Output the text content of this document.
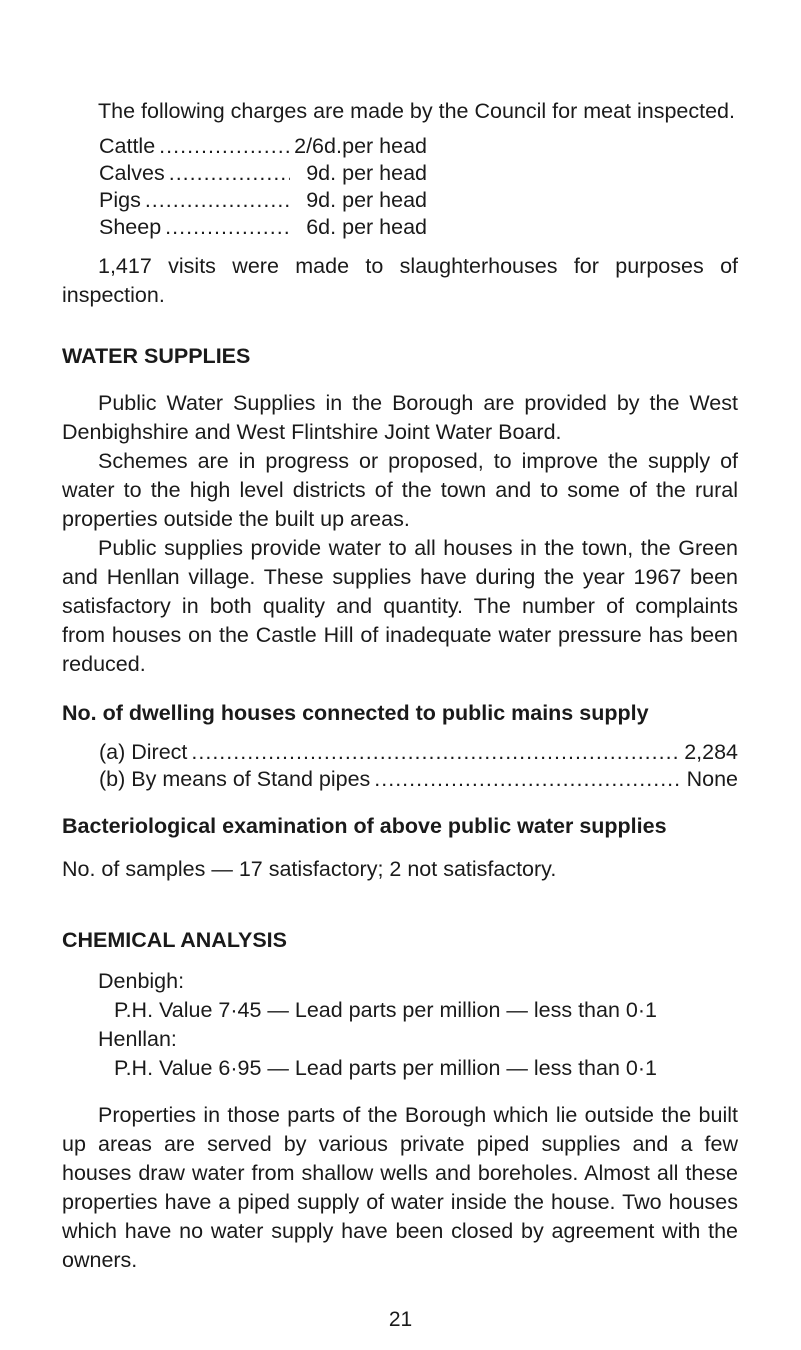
The following charges are made by the Council for meat inspected.

Cattle .....	2/6d. per head
Calves .....	9d. per head
Pigs .....	9d. per head
Sheep .....	6d. per head

1,417 visits were made to slaughterhouses for purposes of inspection.

WATER SUPPLIES

Public Water Supplies in the Borough are provided by the West Denbighshire and West Flintshire Joint Water Board.

Schemes are in progress or proposed, to improve the supply of water to the high level districts of the town and to some of the rural properties outside the built up areas.

Public supplies provide water to all houses in the town, the Green and Henllan village. These supplies have during the year 1967 been satisfactory in both quality and quantity. The number of complaints from houses on the Castle Hill of inadequate water pressure has been reduced.

No. of dwelling houses connected to public mains supply

(a) Direct .....	2,284
(b) By means of Stand pipes .....	None

Bacteriological examination of above public water supplies

No. of samples — 17 satisfactory; 2 not satisfactory.

CHEMICAL ANALYSIS

Denbigh:

P.H. Value 7·45 — Lead parts per million — less than 0·1

Henllan:

P.H. Value 6·95 — Lead parts per million — less than 0·1

Properties in those parts of the Borough which lie outside the built up areas are served by various private piped supplies and a few houses draw water from shallow wells and boreholes. Almost all these properties have a piped supply of water inside the house. Two houses which have no water supply have been closed by agreement with the owners.

21
